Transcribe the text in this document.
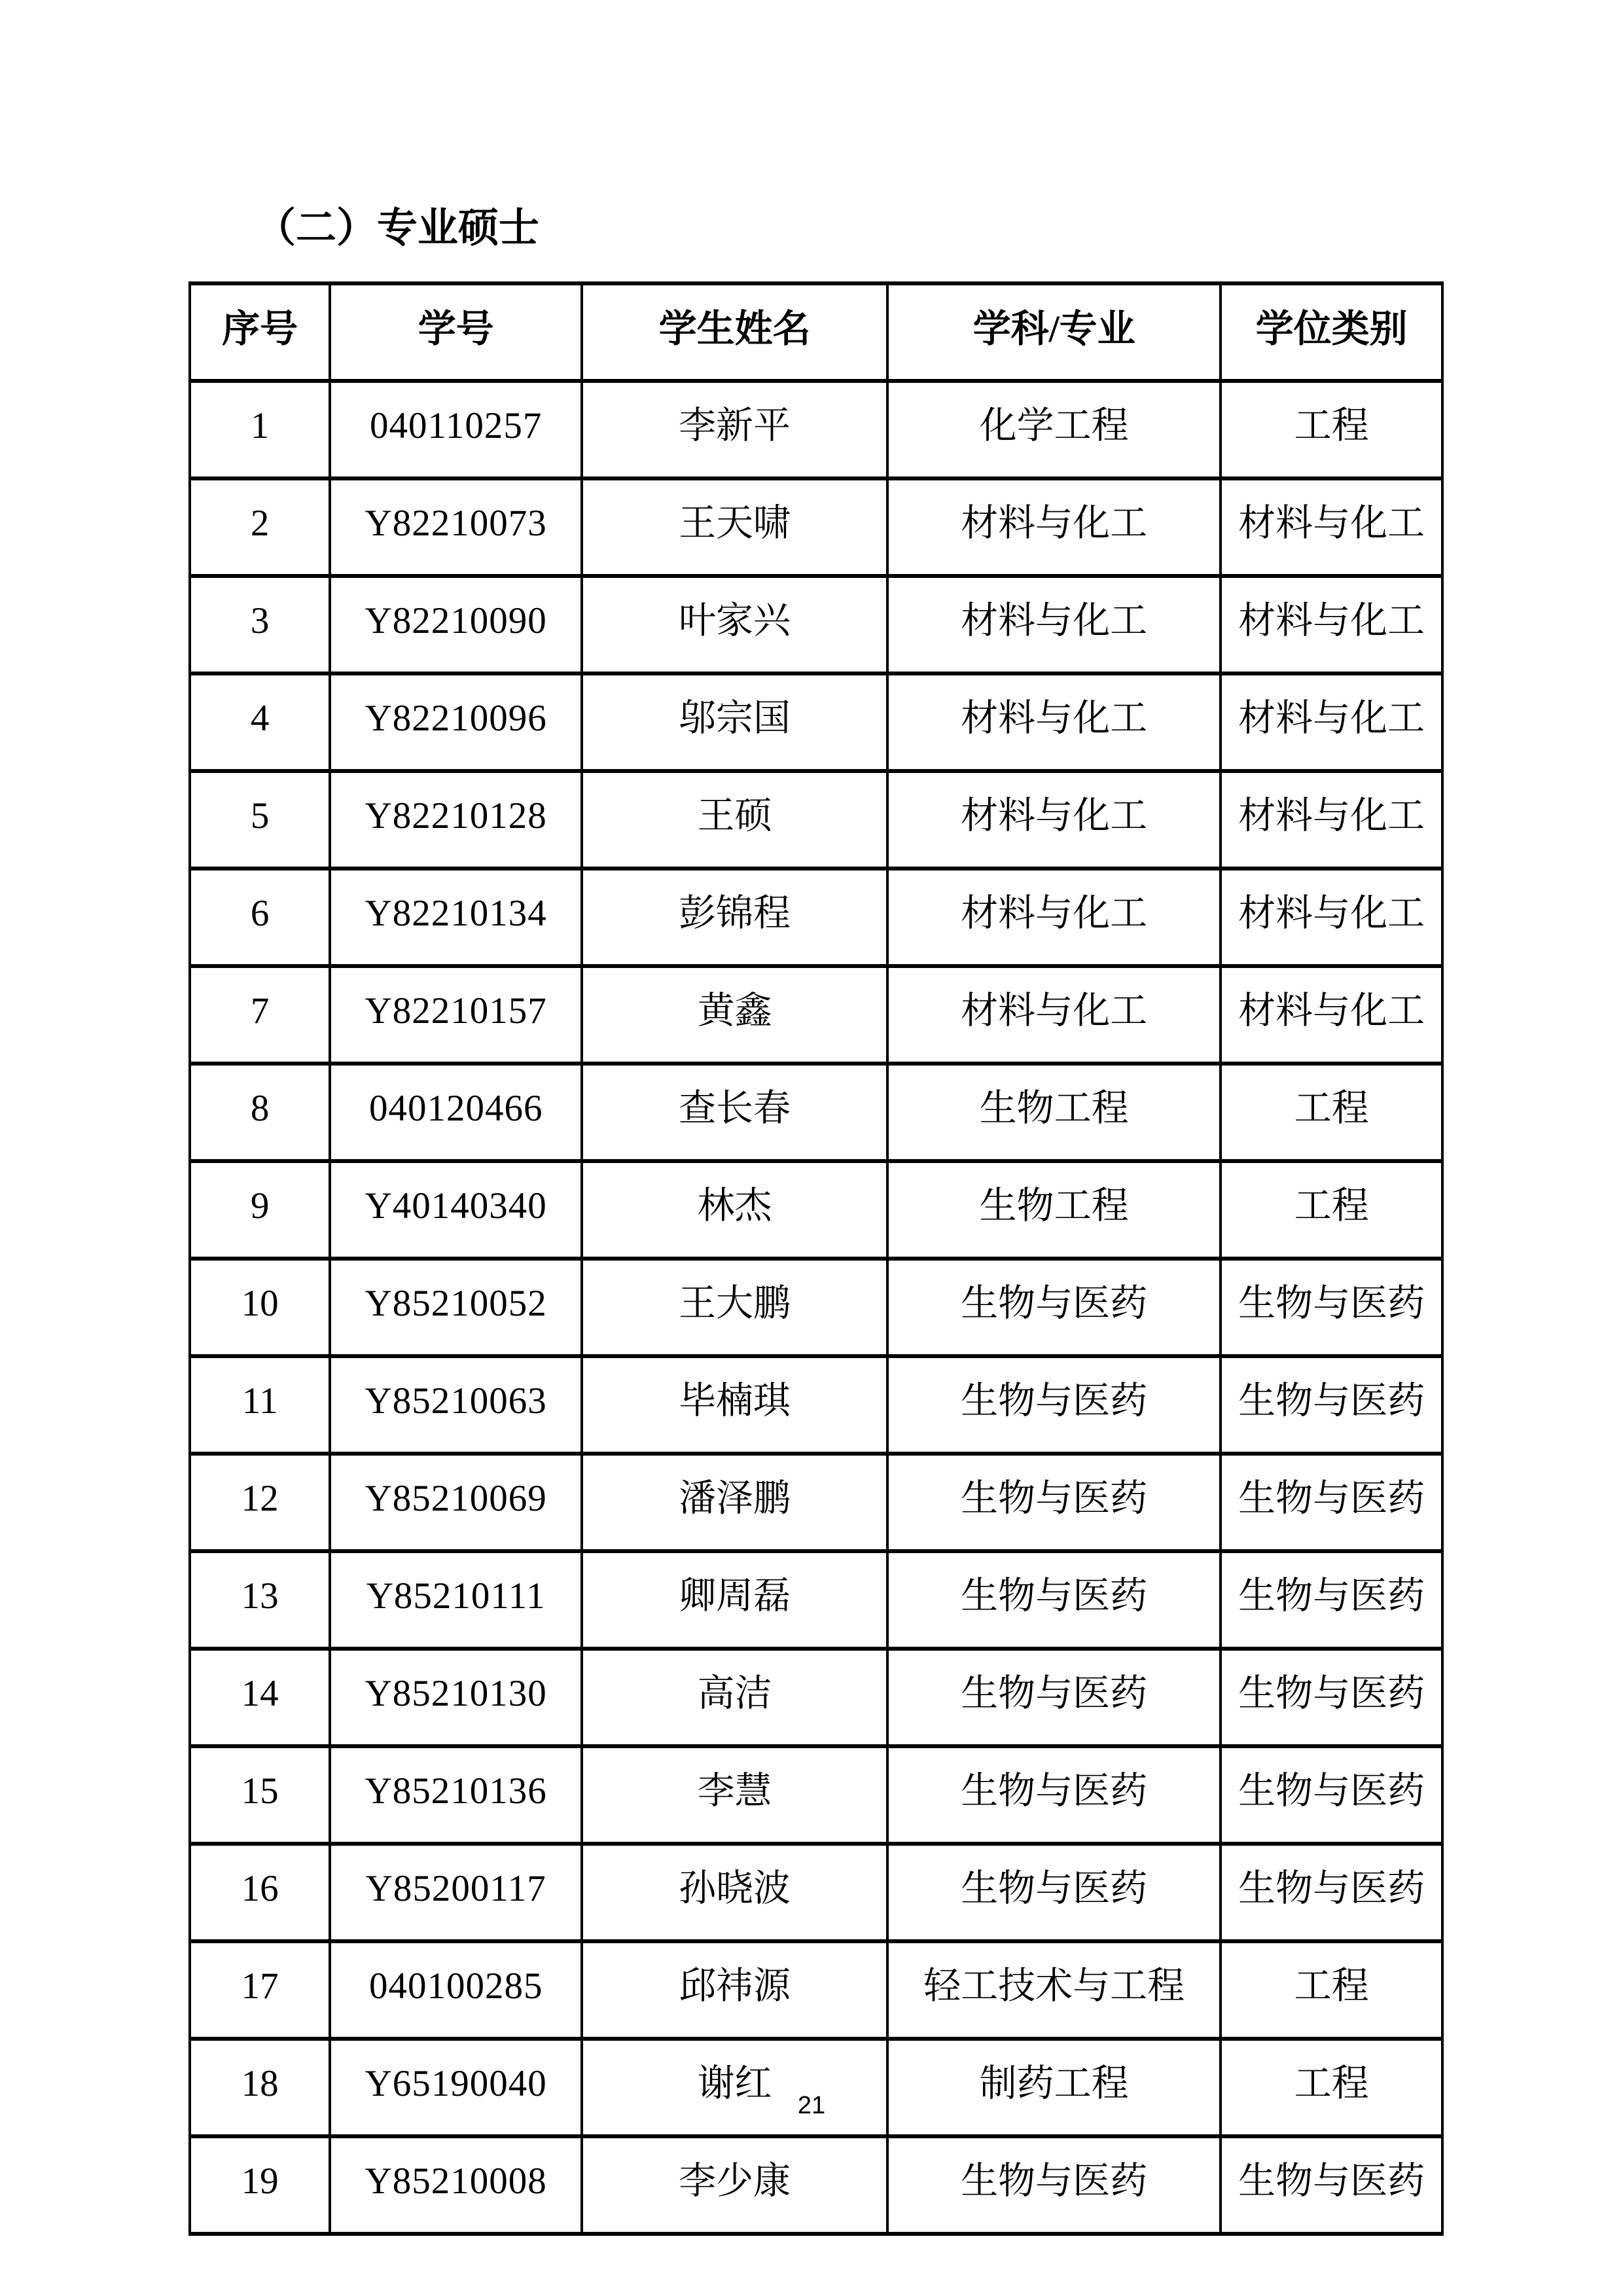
（二）专业硕士
序号	学号	学生姓名	学科/专业	学位类别
1	040110257	李新平	化学工程	工程
2	Y82210073	王天啸	材料与化工	材料与化工
3	Y82210090	叶家兴	材料与化工	材料与化工
4	Y82210096	邬宗国	材料与化工	材料与化工
5	Y82210128	王硕	材料与化工	材料与化工
6	Y82210134	彭锦程	材料与化工	材料与化工
7	Y82210157	黄鑫	材料与化工	材料与化工
8	040120466	查长春	生物工程	工程
9	Y40140340	林杰	生物工程	工程
10	Y85210052	王大鹏	生物与医药	生物与医药
11	Y85210063	毕楠琪	生物与医药	生物与医药
12	Y85210069	潘泽鹏	生物与医药	生物与医药
13	Y85210111	卿周磊	生物与医药	生物与医药
14	Y85210130	高洁	生物与医药	生物与医药
15	Y85210136	李慧	生物与医药	生物与医药
16	Y85200117	孙晓波	生物与医药	生物与医药
17	040100285	邱祎源	轻工技术与工程	工程
18	Y65190040	谢红	制药工程	工程
19	Y85210008	李少康	生物与医药	生物与医药
21
